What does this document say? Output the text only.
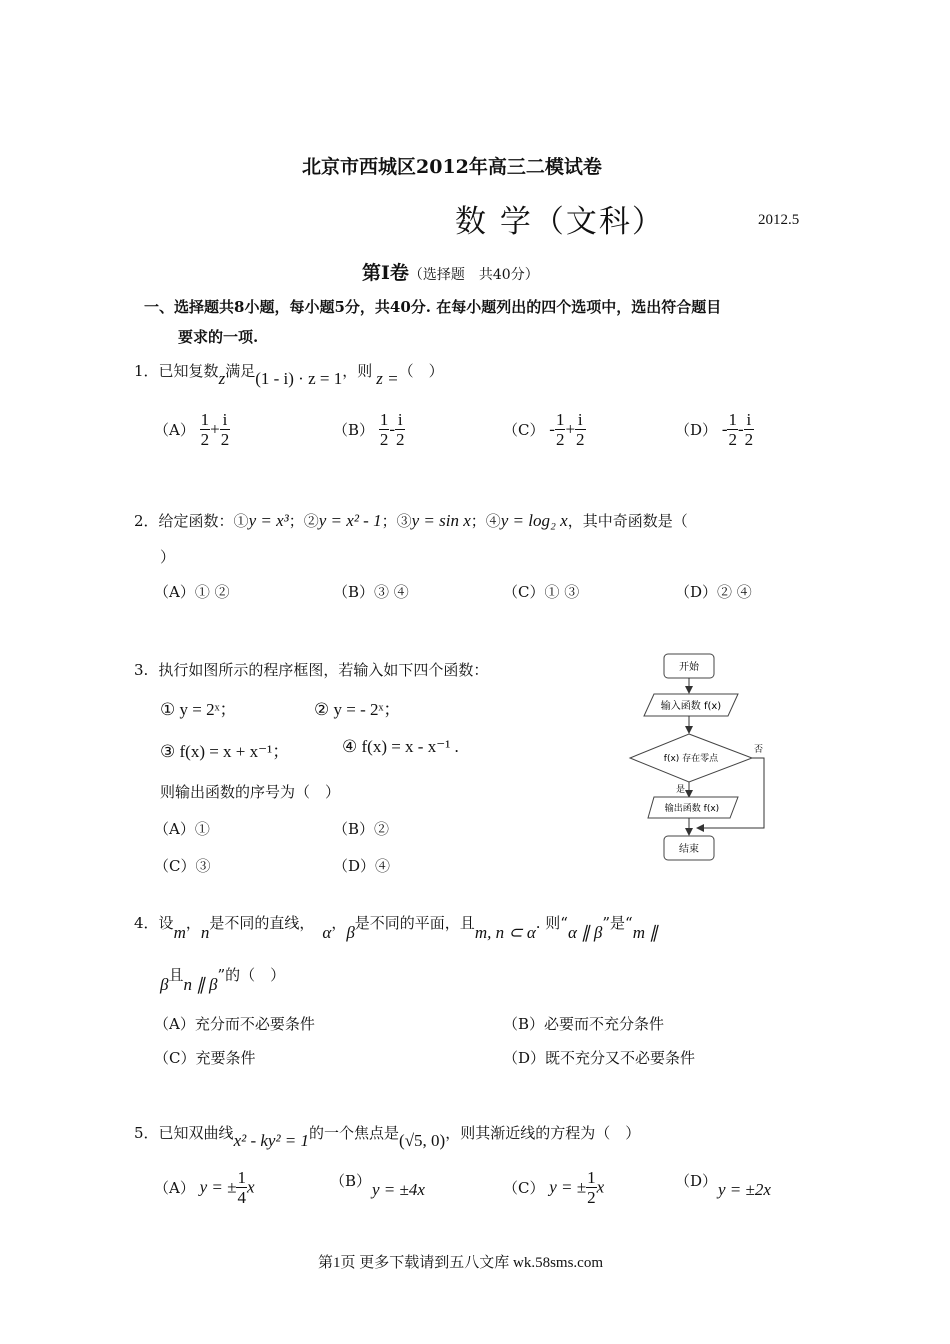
北京市西城区2012年高三二模试卷
数 学（文科）	2012.5
第Ⅰ卷（选择题　共40分）
一、选择题共8小题，每小题5分，共40分. 在每小题列出的四个选项中，选出符合题目
要求的一项.
1．已知复数z满足(1 - i) · z = 1，则 z =（　）
$(A) \frac{1}{2} + \frac{i}{2}$	$(B) \frac{1}{2} - \frac{i}{2}$	$(C) - \frac{1}{2} + \frac{i}{2}$	$(D) - \frac{1}{2} - \frac{i}{2}$
2．给定函数：①y = x³；②y = x² - 1；③y = sin x；④y = log₂ x，其中奇函数是（
）
（A）① ②	（B）③ ④	（C）① ③	（D）② ④
3. 执行如图所示的程序框图，若输入如下四个函数：
① y = 2ˣ；	② y = - 2ˣ；
③ f(x) = x + x⁻¹；	④ f(x) = x - x⁻¹ .
则输出函数的序号为（　）
（A）①	（B）②
（C）③	（D）④
开始
输入函数 f(x)
f(x) 存在零点
否
是
输出函数 f(x)
结束
4．设m，n是不同的直线， α，β是不同的平面，且m, n ⊂ α. 则“α ∥ β”是“m ∥
β且n ∥ β”的（　）
（A）充分而不必要条件	（B）必要而不充分条件
（C）充要条件	（D）既不充分又不必要条件
5．已知双曲线x² - ky² = 1的一个焦点是(√5, 0)，则其渐近线的方程为（　）
（A） y = ± $\frac{1}{4}$ x	（B） y = ±4x	（C） y = ± $\frac{1}{2}$ x	（D） y = ±2x
第1页 更多下载请到五八文库 wk.58sms.com
